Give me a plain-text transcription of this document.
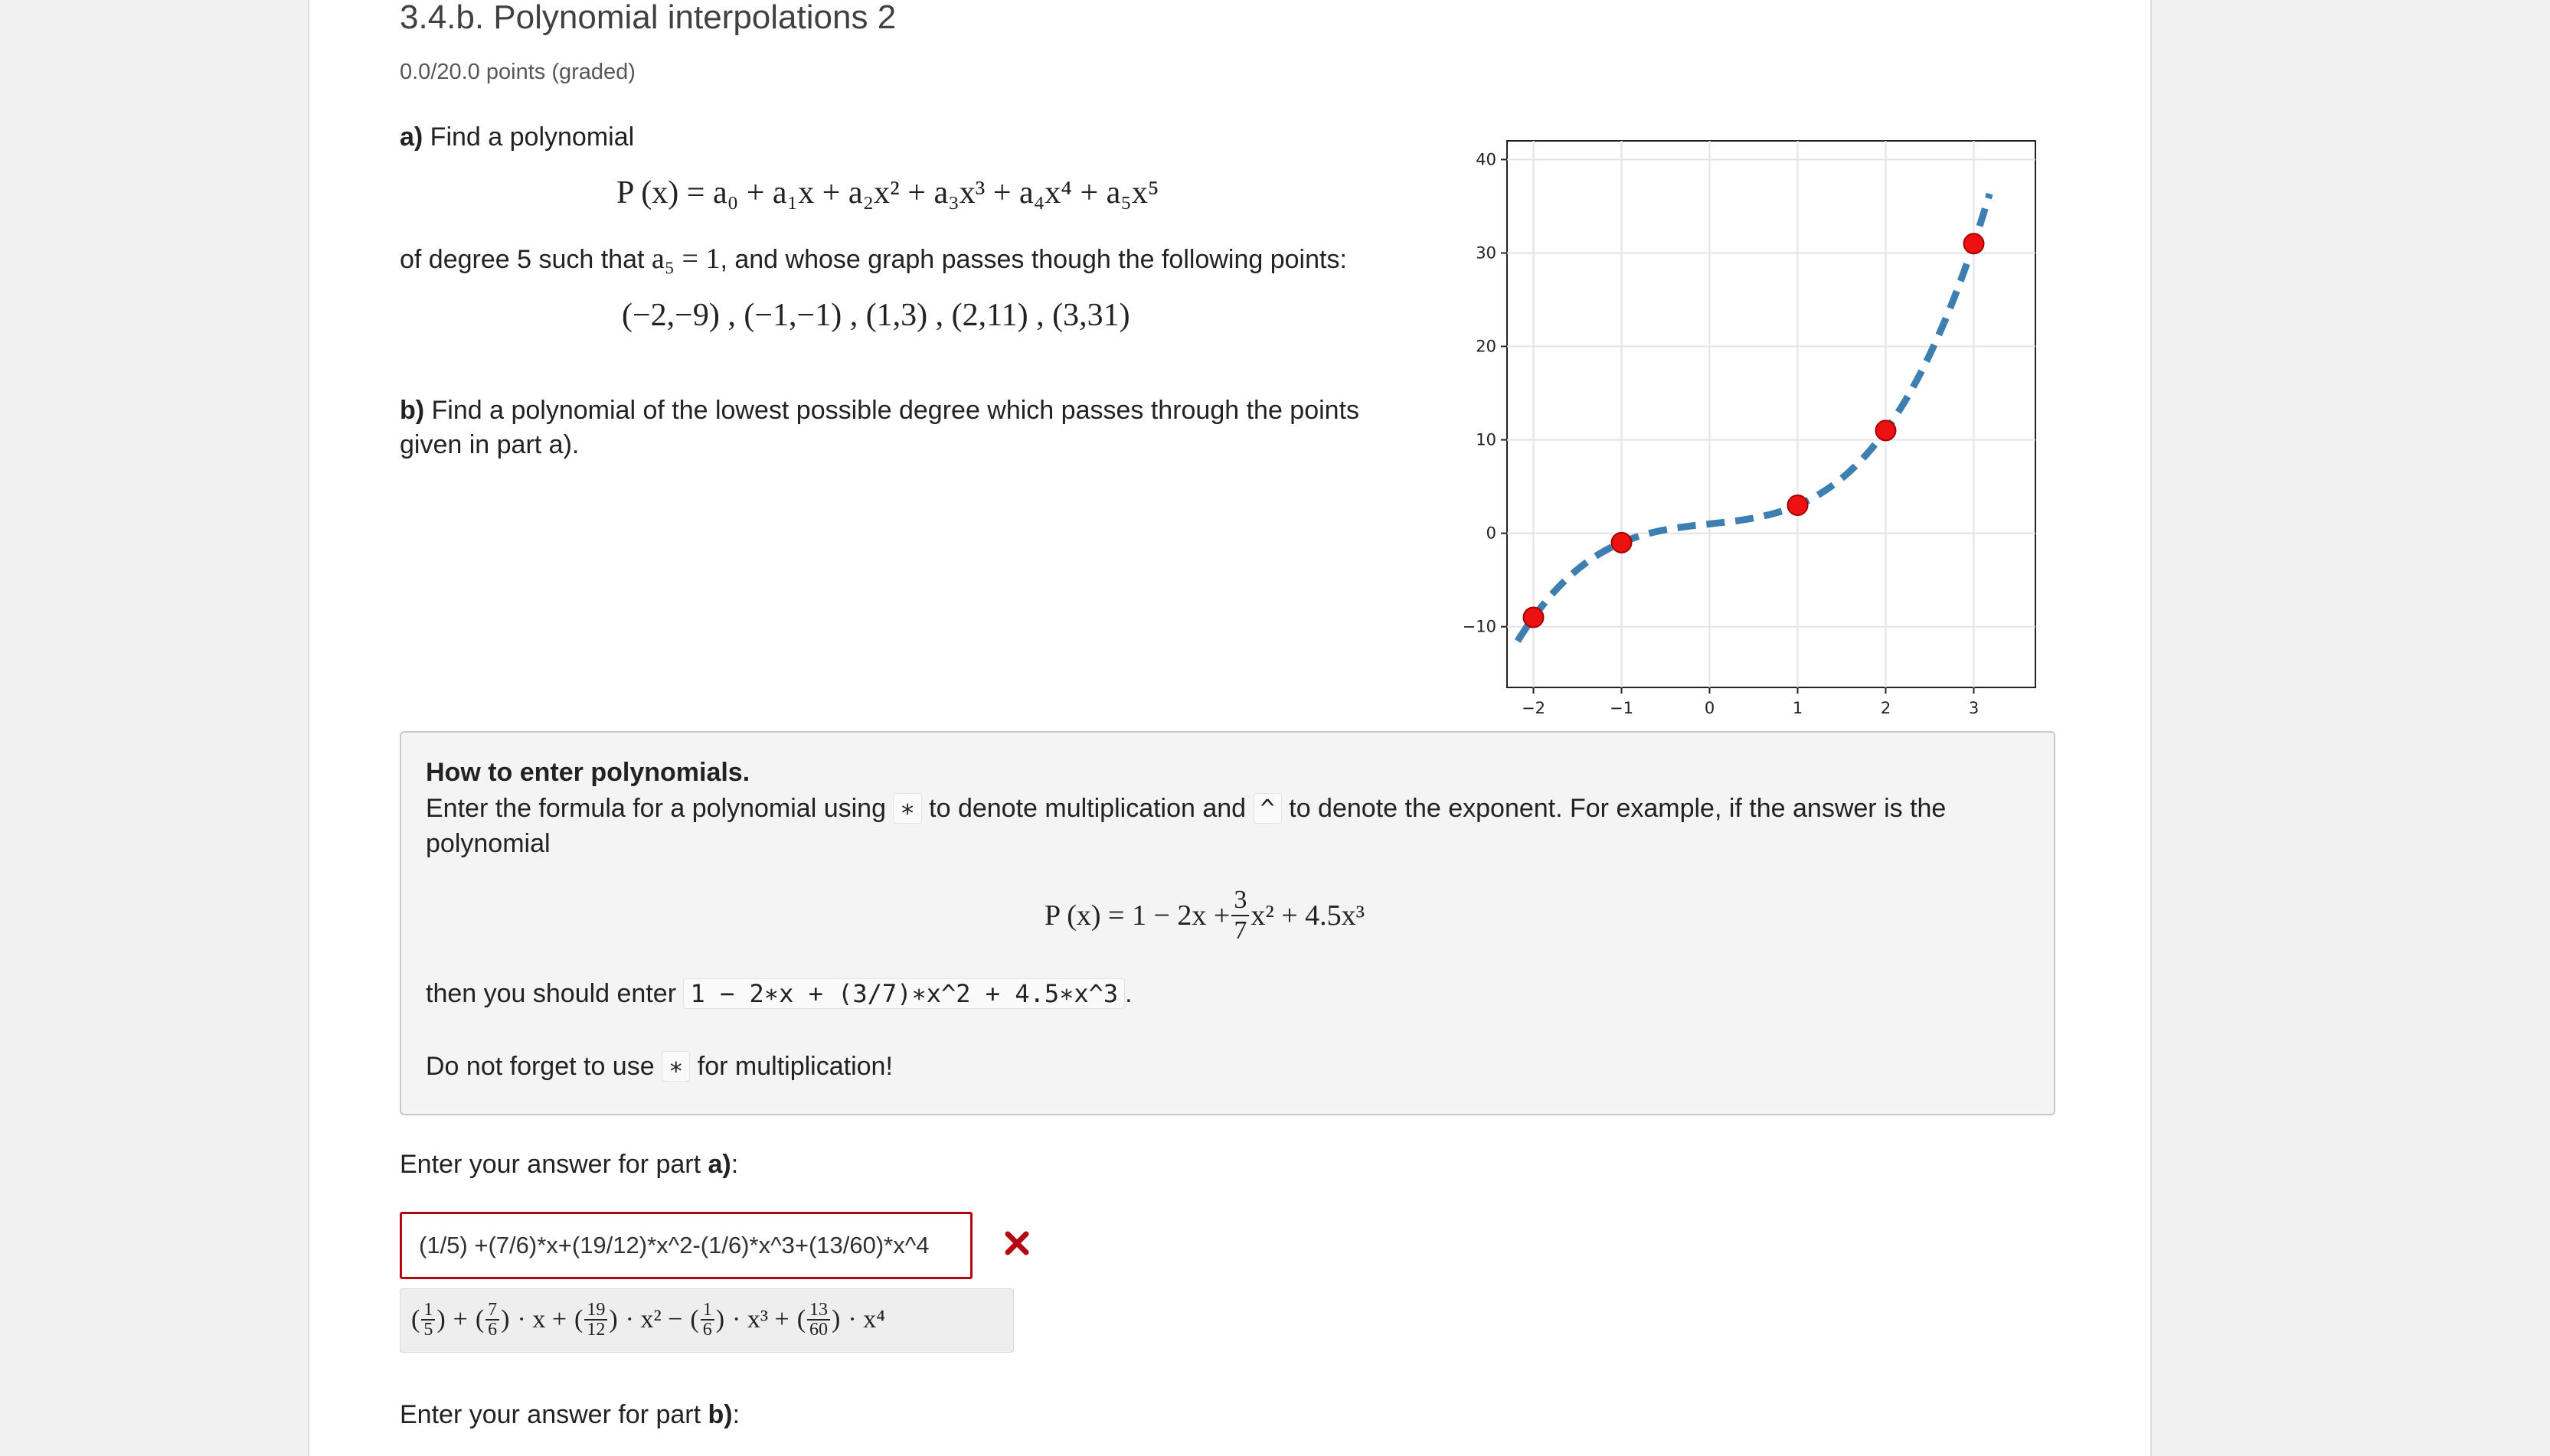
3.4.b. Polynomial interpolations 2
0.0/20.0 points (graded)
a) Find a polynomial
P (x) = a₀ + a₁x + a₂x² + a₃x³ + a₄x⁴ + a₅x⁵
of degree 5 such that a₅ = 1, and whose graph passes though the following points:
(−2,−9) , (−1,−1) , (1,3) , (2,11) , (3,31)
b) Find a polynomial of the lowest possible degree which passes through the points
given in part a).
−2	−1	0	1	2	3
−10
0
10
20
30
40
How to enter polynomials.
Enter the formula for a polynomial using ∗ to denote multiplication and ^ to denote the exponent. For example, if the answer is the
polynomial
P $(x) = 1 - 2x + \frac{3}{7} x^2 + 4.5x^3$
then you should enter 1 − 2∗x + (3/7)∗x^2 + 4.5∗x^3 .
Do not forget to use ∗ for multiplication!
Enter your answer for part a):
(1/5) +(7/6)*x+(19/12)*x^2-(1/6)*x^3+(13/60)*x^4
( $\frac{1}{5}$ ) + ( $\frac{7}{6}$ ) · x + ( $\frac{19}{12}$ ) · x² − ( $\frac{1}{6}$ ) · x³ + ( $\frac{13}{60}$ ) · x⁴
Enter your answer for part b):
